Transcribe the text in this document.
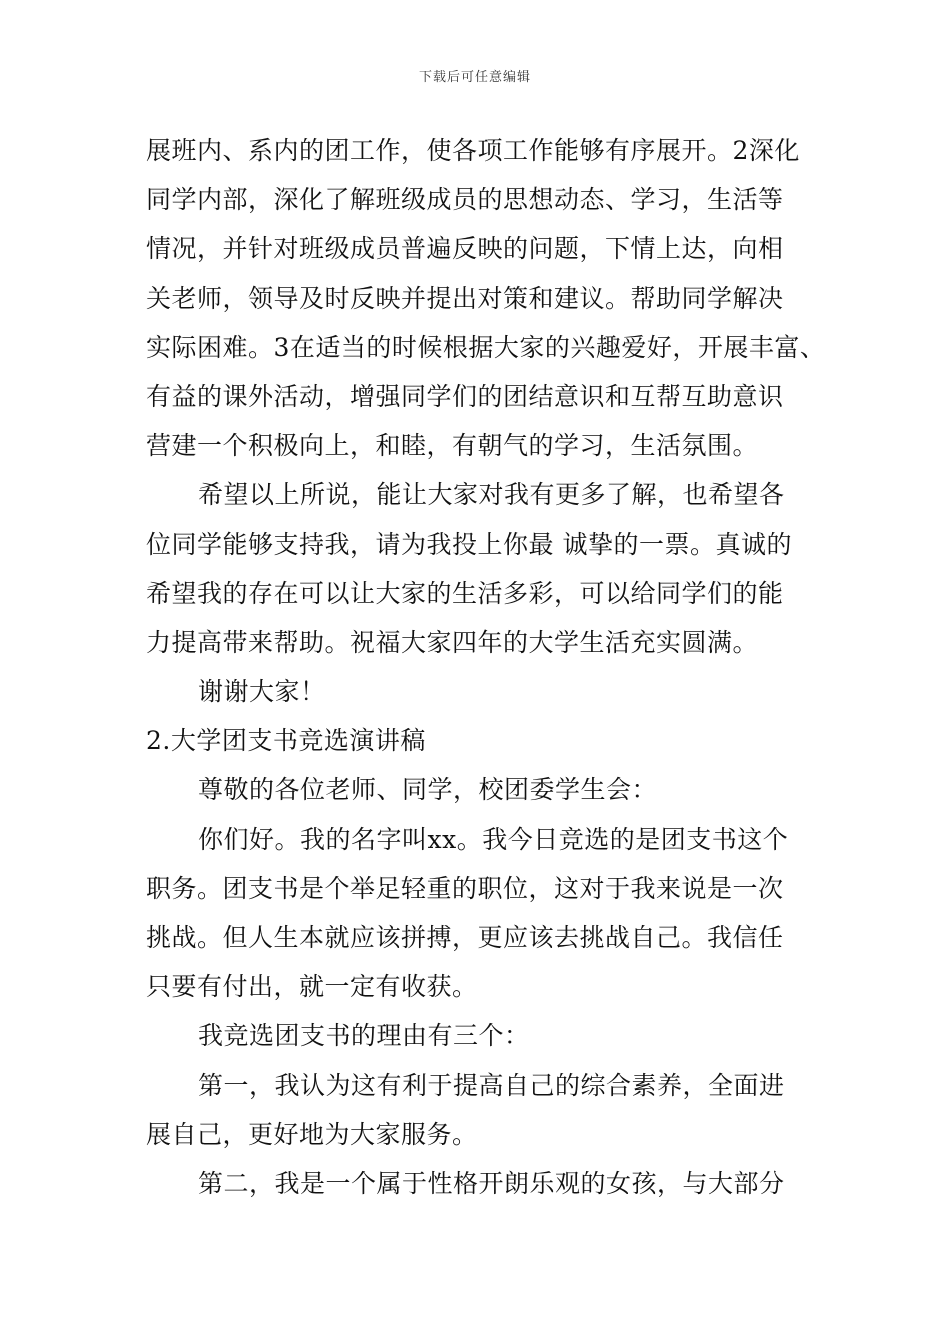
下载后可任意编辑
展班内、系内的团工作，使各项工作能够有序展开。2深化
同学内部，深化了解班级成员的思想动态、学习，生活等
情况，并针对班级成员普遍反映的问题，下情上达，向相
关老师，领导及时反映并提出对策和建议。帮助同学解决
实际困难。3在适当的时候根据大家的兴趣爱好，开展丰富、
有益的课外活动，增强同学们的团结意识和互帮互助意识
营建一个积极向上，和睦，有朝气的学习，生活氛围。
希望以上所说，能让大家对我有更多了解，也希望各
位同学能够支持我，请为我投上你最 诚挚的一票。真诚的
希望我的存在可以让大家的生活多彩，可以给同学们的能
力提高带来帮助。祝福大家四年的大学生活充实圆满。
谢谢大家！
2.大学团支书竞选演讲稿
尊敬的各位老师、同学，校团委学生会：
你们好。我的名字叫xx。我今日竞选的是团支书这个
职务。团支书是个举足轻重的职位，这对于我来说是一次
挑战。但人生本就应该拼搏，更应该去挑战自己。我信任
只要有付出，就一定有收获。
我竞选团支书的理由有三个：
第一，我认为这有利于提高自己的综合素养，全面进
展自己，更好地为大家服务。
第二，我是一个属于性格开朗乐观的女孩，与大部分
